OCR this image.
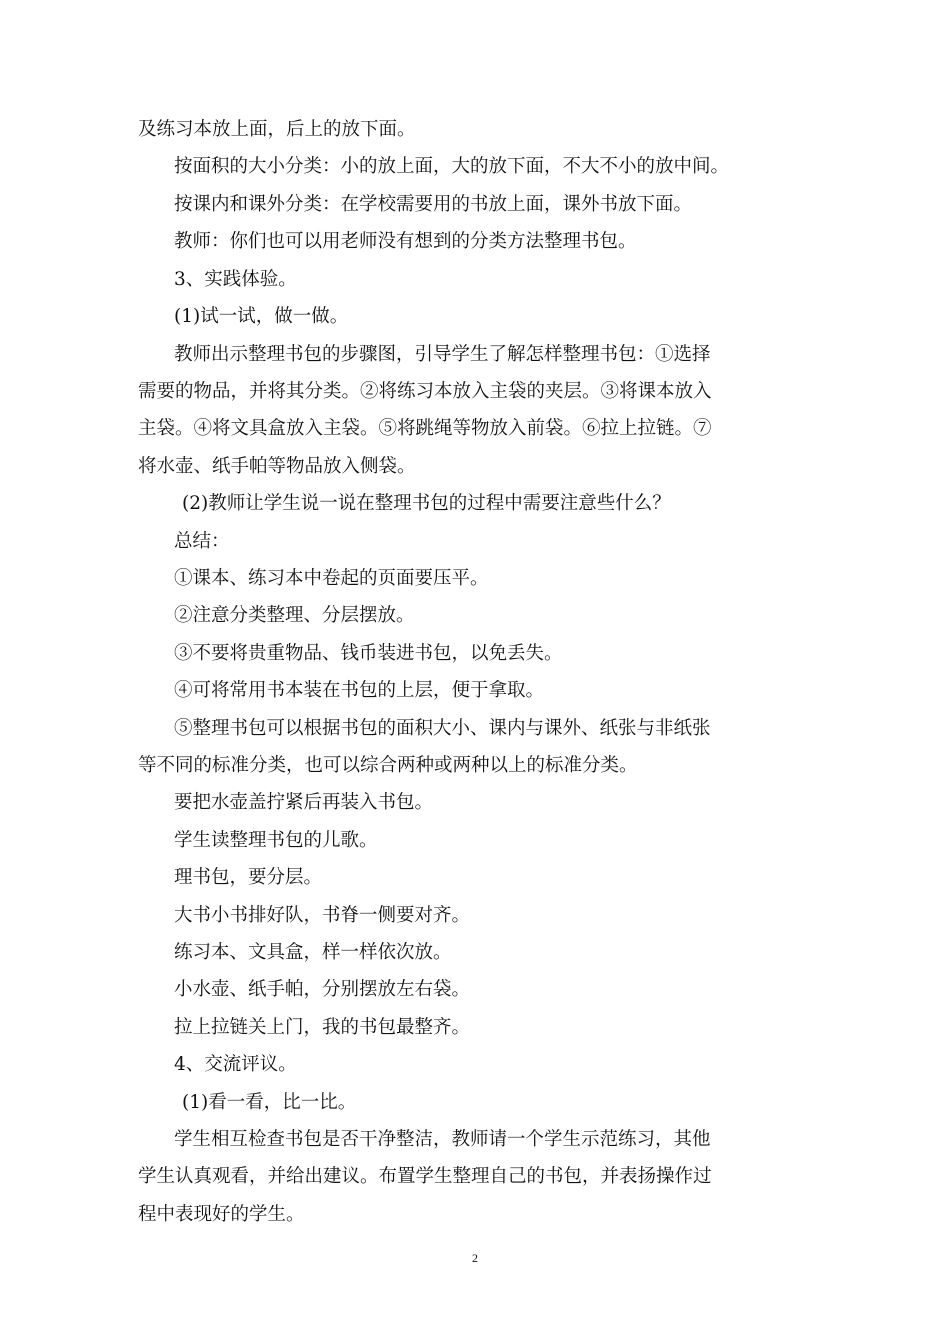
及练习本放上面，后上的放下面。
按面积的大小分类：小的放上面，大的放下面，不大不小的放中间。
按课内和课外分类：在学校需要用的书放上面，课外书放下面。
教师：你们也可以用老师没有想到的分类方法整理书包。
3、实践体验。
(1)试一试，做一做。
教师出示整理书包的步骤图，引导学生了解怎样整理书包：①选择
需要的物品，并将其分类。②将练习本放入主袋的夹层。③将课本放入
主袋。④将文具盒放入主袋。⑤将跳绳等物放入前袋。⑥拉上拉链。⑦
将水壶、纸手帕等物品放入侧袋。
(2)教师让学生说一说在整理书包的过程中需要注意些什么？
总结：
①课本、练习本中卷起的页面要压平。
②注意分类整理、分层摆放。
③不要将贵重物品、钱币装进书包，以免丢失。
④可将常用书本装在书包的上层，便于拿取。
⑤整理书包可以根据书包的面积大小、课内与课外、纸张与非纸张
等不同的标准分类，也可以综合两种或两种以上的标准分类。
要把水壶盖拧紧后再装入书包。
学生读整理书包的儿歌。
理书包，要分层。
大书小书排好队，书脊一侧要对齐。
练习本、文具盒，样一样依次放。
小水壶、纸手帕，分别摆放左右袋。
拉上拉链关上门，我的书包最整齐。
4、交流评议。
(1)看一看，比一比。
学生相互检查书包是否干净整洁，教师请一个学生示范练习，其他
学生认真观看，并给出建议。布置学生整理自己的书包，并表扬操作过
程中表现好的学生。
2
